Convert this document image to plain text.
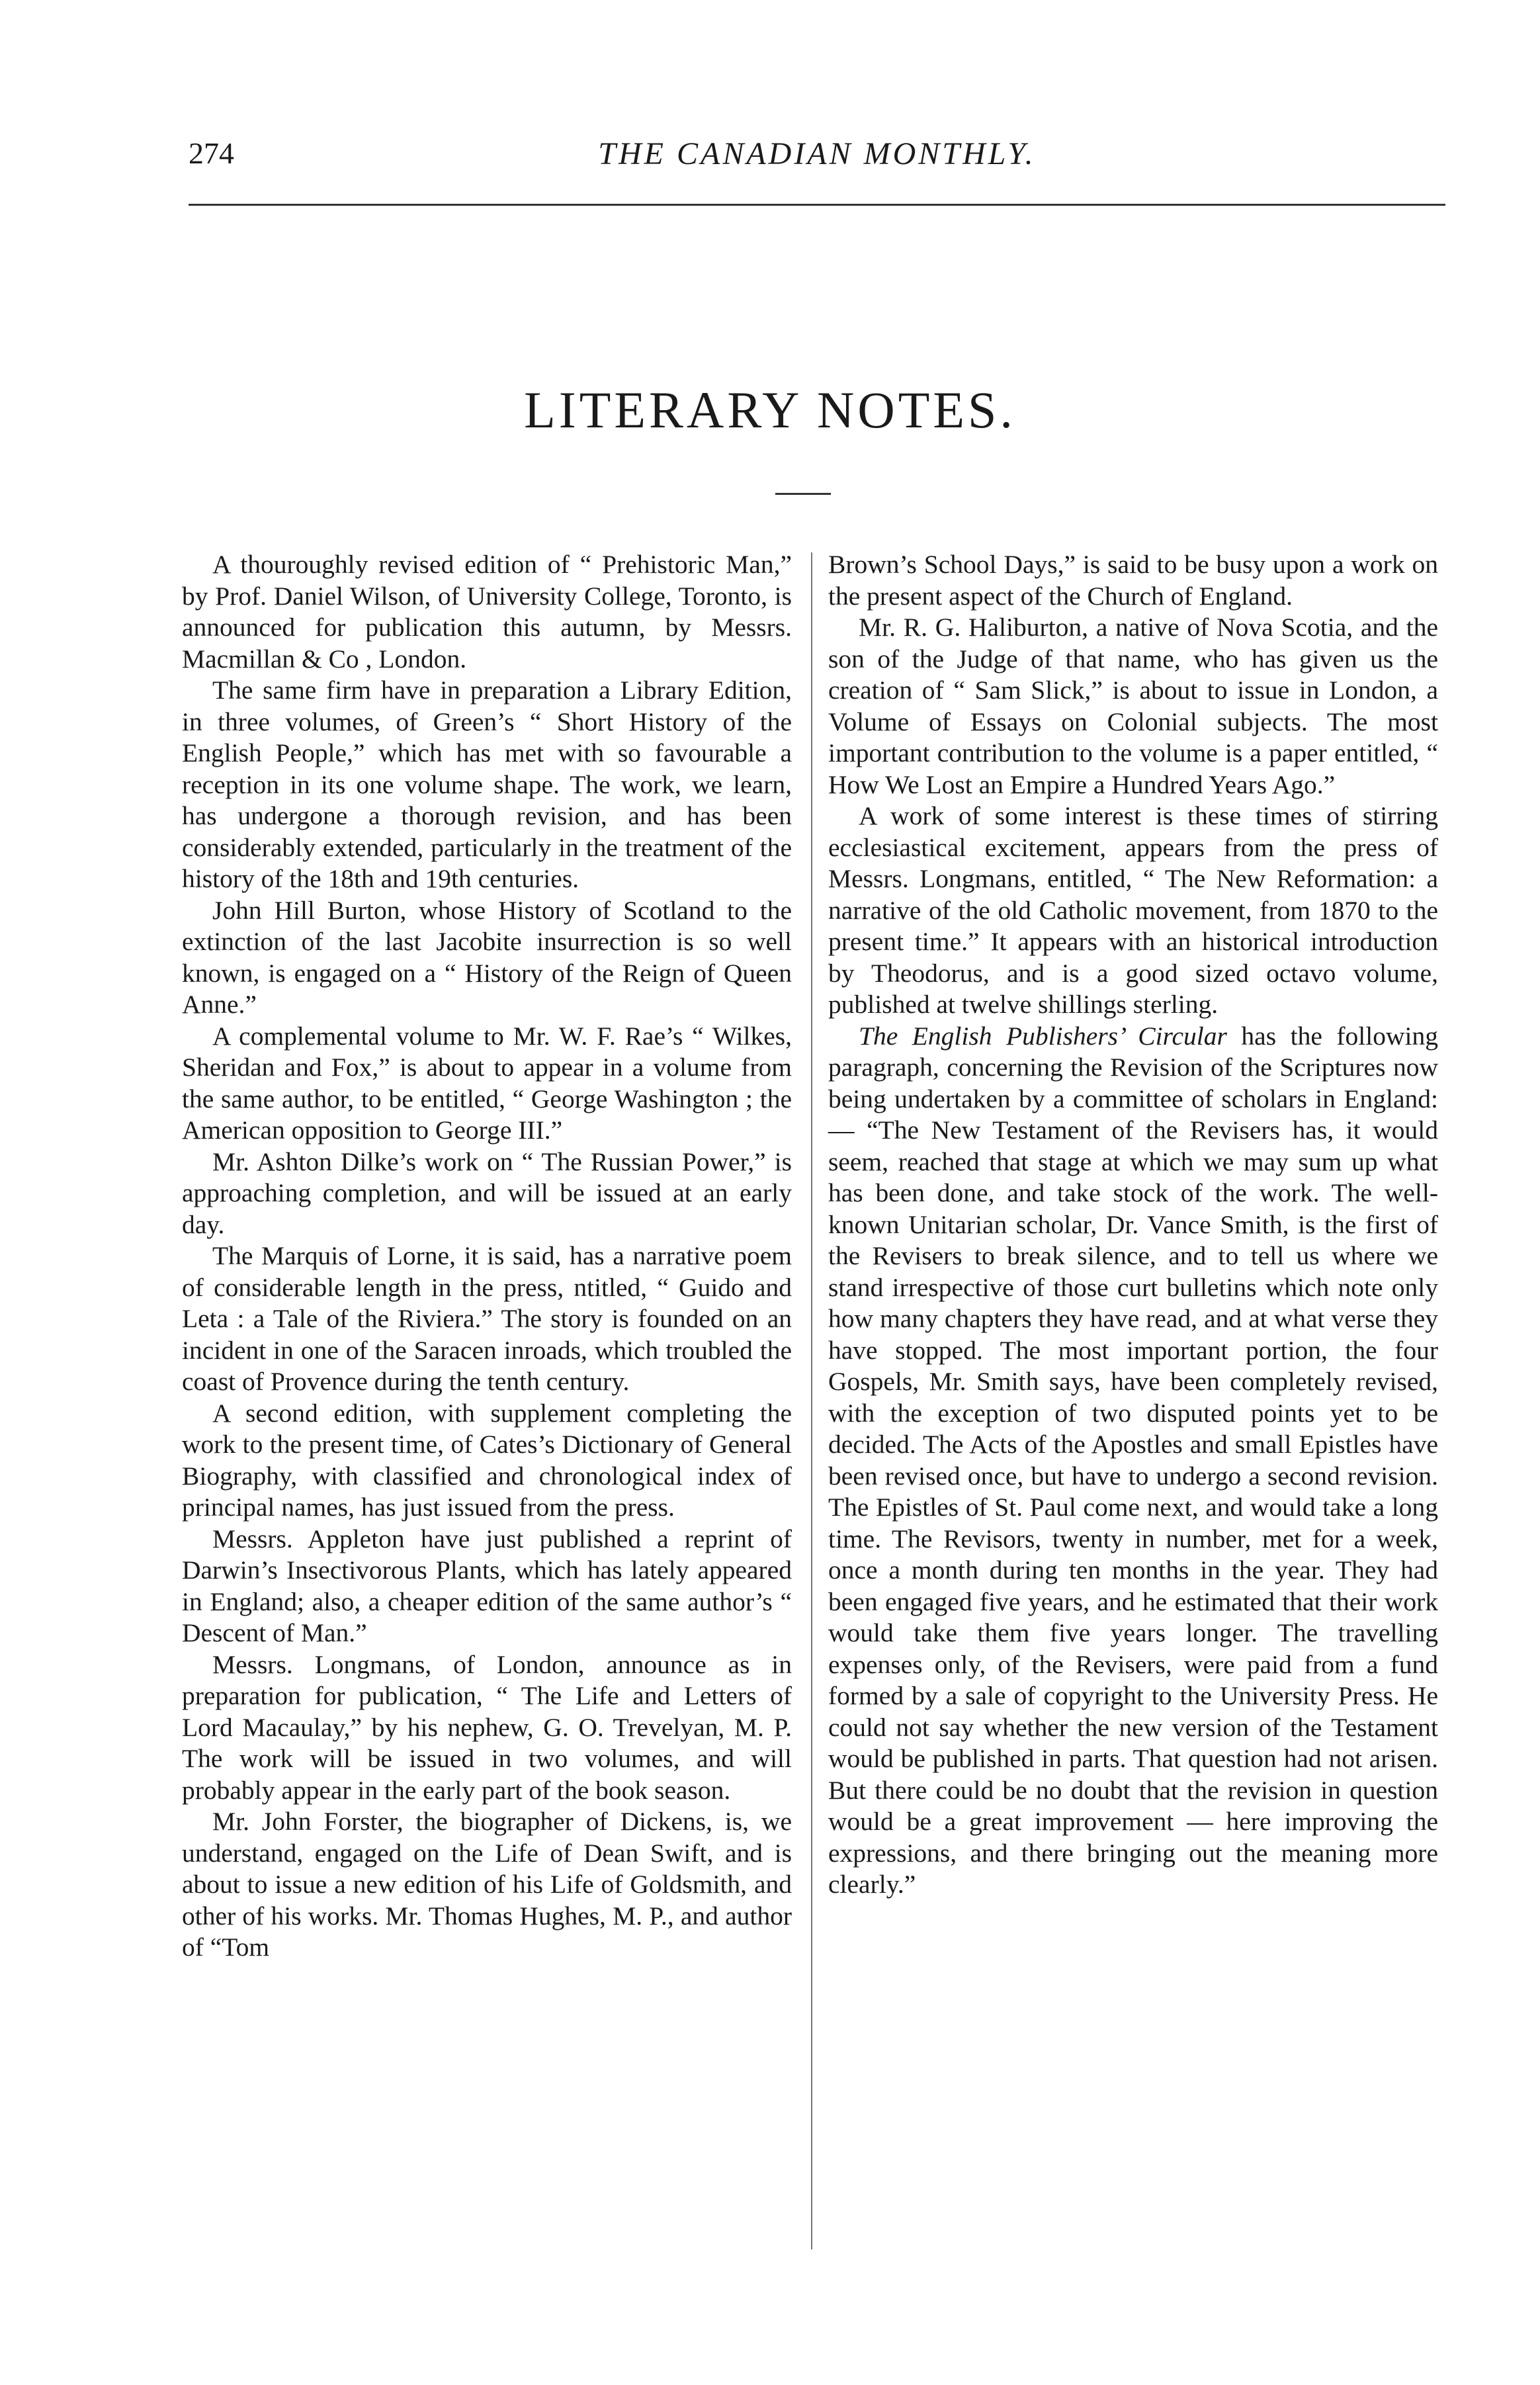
274	THE CANADIAN MONTHLY.
LITERARY NOTES.

A thouroughly revised edition of “ Prehistoric Man,” by Prof. Daniel Wilson, of University College, Toronto, is announced for publication this autumn, by Messrs. Macmillan & Co , London.

The same firm have in preparation a Library Edition, in three volumes, of Green’s “ Short History of the English People,” which has met with so favourable a reception in its one volume shape. The work, we learn, has undergone a thorough revision, and has been considerably extended, particularly in the treatment of the history of the 18th and 19th centuries.

John Hill Burton, whose History of Scotland to the extinction of the last Jacobite insurrection is so well known, is engaged on a “ History of the Reign of Queen Anne.”

A complemental volume to Mr. W. F. Rae’s “ Wilkes, Sheridan and Fox,” is about to appear in a volume from the same author, to be entitled, “ George Washington ; the American opposition to George III.”

Mr. Ashton Dilke’s work on “ The Russian Power,” is approaching completion, and will be issued at an early day.

The Marquis of Lorne, it is said, has a narrative poem of considerable length in the press, ntitled, “ Guido and Leta : a Tale of the Riviera.” The story is founded on an incident in one of the Saracen inroads, which troubled the coast of Provence during the tenth century.

A second edition, with supplement completing the work to the present time, of Cates’s Dictionary of General Biography, with classified and chronological index of principal names, has just issued from the press.

Messrs. Appleton have just published a reprint of Darwin’s Insectivorous Plants, which has lately appeared in England; also, a cheaper edition of the same author’s “ Descent of Man.”

Messrs. Longmans, of London, announce as in preparation for publication, “ The Life and Letters of Lord Macaulay,” by his nephew, G. O. Trevelyan, M. P. The work will be issued in two volumes, and will probably appear in the early part of the book season.

Mr. John Forster, the biographer of Dickens, is, we understand, engaged on the Life of Dean Swift, and is about to issue a new edition of his Life of Goldsmith, and other of his works. Mr. Thomas Hughes, M. P., and author of “Tom

Brown’s School Days,” is said to be busy upon a work on the present aspect of the Church of England.

Mr. R. G. Haliburton, a native of Nova Scotia, and the son of the Judge of that name, who has given us the creation of “ Sam Slick,” is about to issue in London, a Volume of Essays on Colonial subjects. The most important contribution to the volume is a paper entitled, “ How We Lost an Empire a Hundred Years Ago.”

A work of some interest is these times of stirring ecclesiastical excitement, appears from the press of Messrs. Longmans, entitled, “ The New Reformation: a narrative of the old Catholic movement, from 1870 to the present time.” It appears with an historical introduction by Theodorus, and is a good sized octavo volume, published at twelve shillings sterling.

The English Publishers’ Circular has the following paragraph, concerning the Revision of the Scriptures now being undertaken by a committee of scholars in England: — “The New Testament of the Revisers has, it would seem, reached that stage at which we may sum up what has been done, and take stock of the work. The well-known Unitarian scholar, Dr. Vance Smith, is the first of the Revisers to break silence, and to tell us where we stand irrespective of those curt bulletins which note only how many chapters they have read, and at what verse they have stopped. The most important portion, the four Gospels, Mr. Smith says, have been completely revised, with the exception of two disputed points yet to be decided. The Acts of the Apostles and small Epistles have been revised once, but have to undergo a second revision. The Epistles of St. Paul come next, and would take a long time. The Revisors, twenty in number, met for a week, once a month during ten months in the year. They had been engaged five years, and he estimated that their work would take them five years longer. The travelling expenses only, of the Revisers, were paid from a fund formed by a sale of copyright to the University Press. He could not say whether the new version of the Testament would be published in parts. That question had not arisen. But there could be no doubt that the revision in question would be a great improvement — here improving the expressions, and there bringing out the meaning more clearly.”
